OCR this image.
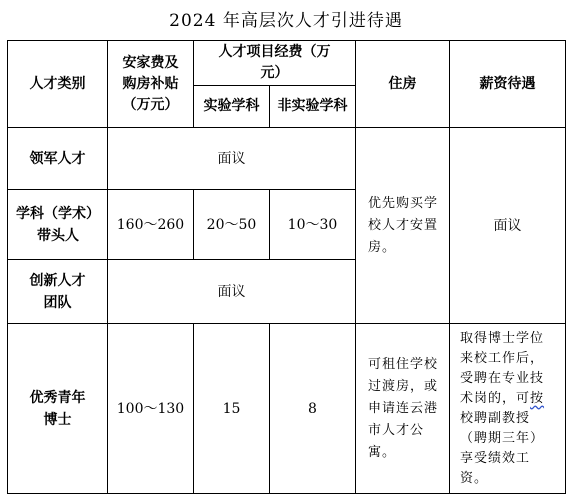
2024 年高层次人才引进待遇
人才类别	安家费及购房补贴（万元）	人才项目经费（万元）		住房	薪资待遇

		实验学科	非实验学科		

领军人才	面议			优先购买学校人才安置房。	面议

学科（学术）带头人	160～260	20～50	10～30		

创新人才团队	面议				

优秀青年博士	100～130	15	8	可租住学校过渡房，或申请连云港市人才公寓。	取得博士学位来校工作后，受聘在专业技术岗的，可按校聘副教授（聘期三年）享受绩效工资。
